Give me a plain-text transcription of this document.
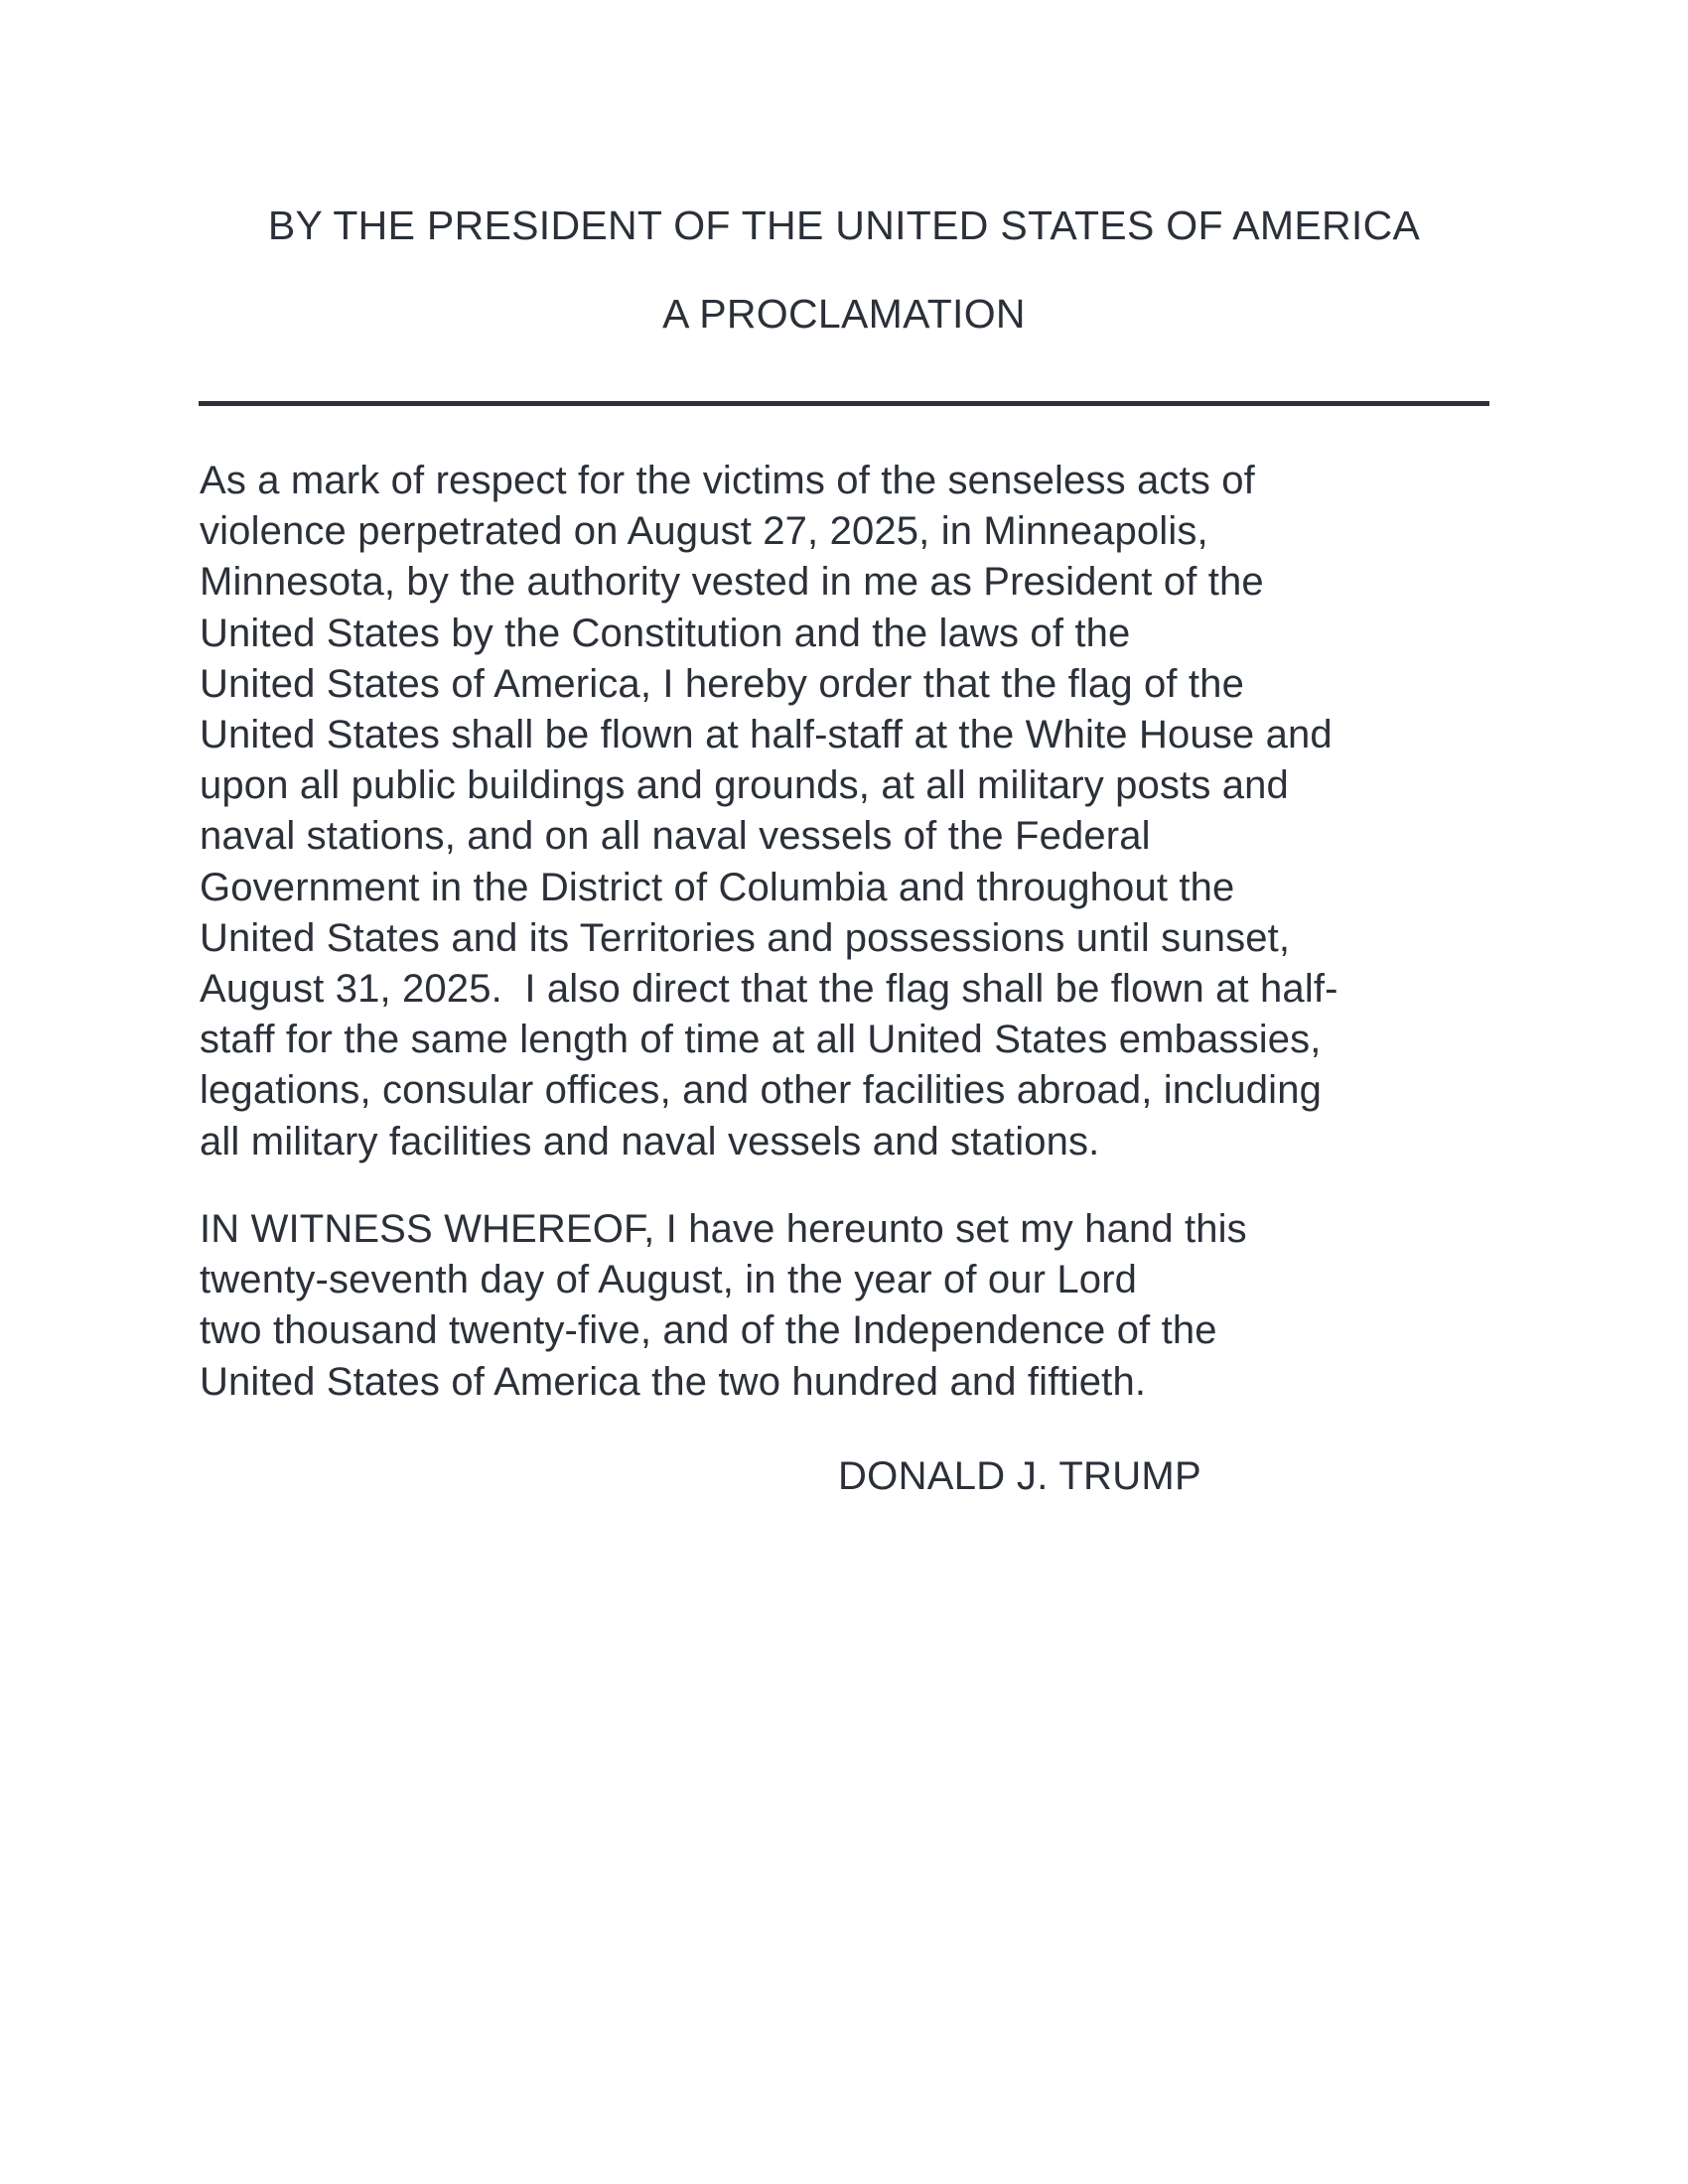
BY THE PRESIDENT OF THE UNITED STATES OF AMERICA
A PROCLAMATION
As a mark of respect for the victims of the senseless acts of
violence perpetrated on August 27, 2025, in Minneapolis,
Minnesota, by the authority vested in me as President of the
United States by the Constitution and the laws of the
United States of America, I hereby order that the flag of the
United States shall be flown at half-staff at the White House and
upon all public buildings and grounds, at all military posts and
naval stations, and on all naval vessels of the Federal
Government in the District of Columbia and throughout the
United States and its Territories and possessions until sunset,
August 31, 2025.  I also direct that the flag shall be flown at half-
staff for the same length of time at all United States embassies,
legations, consular offices, and other facilities abroad, including
all military facilities and naval vessels and stations.
IN WITNESS WHEREOF, I have hereunto set my hand this
twenty-seventh day of August, in the year of our Lord
two thousand twenty-five, and of the Independence of the
United States of America the two hundred and fiftieth.
DONALD J. TRUMP
